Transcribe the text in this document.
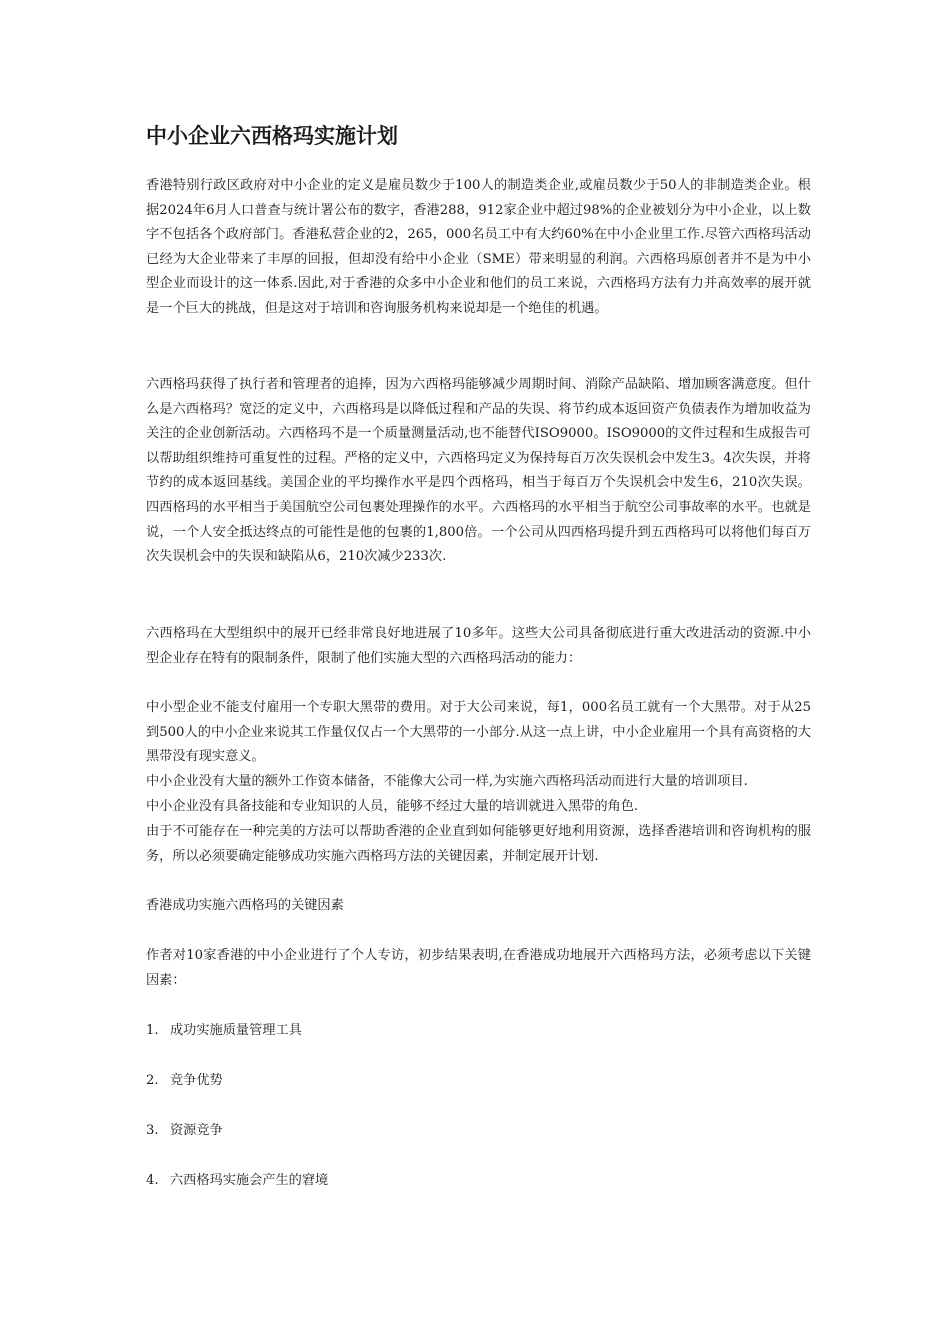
中小企业六西格玛实施计划

香港特别行政区政府对中小企业的定义是雇员数少于100人的制造类企业,或雇员数少于50人的非制造类企业。根据2024年6月人口普查与统计署公布的数字，香港288，912家企业中超过98%的企业被划分为中小企业，以上数字不包括各个政府部门。香港私营企业的2，265，000名员工中有大约60%在中小企业里工作.尽管六西格玛活动已经为大企业带来了丰厚的回报，但却没有给中小企业（SME）带来明显的利润。六西格玛原创者并不是为中小型企业而设计的这一体系.因此,对于香港的众多中小企业和他们的员工来说，六西格玛方法有力并高效率的展开就是一个巨大的挑战，但是这对于培训和咨询服务机构来说却是一个绝佳的机遇。

六西格玛获得了执行者和管理者的追捧，因为六西格玛能够减少周期时间、消除产品缺陷、增加顾客满意度。但什么是六西格玛？宽泛的定义中，六西格玛是以降低过程和产品的失误、将节约成本返回资产负债表作为增加收益为关注的企业创新活动。六西格玛不是一个质量测量活动,也不能替代ISO9000。ISO9000的文件过程和生成报告可以帮助组织维持可重复性的过程。严格的定义中，六西格玛定义为保持每百万次失误机会中发生3。4次失误，并将节约的成本返回基线。美国企业的平均操作水平是四个西格玛，相当于每百万个失误机会中发生6，210次失误。四西格玛的水平相当于美国航空公司包裹处理操作的水平。六西格玛的水平相当于航空公司事故率的水平。也就是说，一个人安全抵达终点的可能性是他的包裹的1,800倍。一个公司从四西格玛提升到五西格玛可以将他们每百万次失误机会中的失误和缺陷从6，210次减少233次.

六西格玛在大型组织中的展开已经非常良好地进展了10多年。这些大公司具备彻底进行重大改进活动的资源.中小型企业存在特有的限制条件，限制了他们实施大型的六西格玛活动的能力：

中小型企业不能支付雇用一个专职大黑带的费用。对于大公司来说，每1，000名员工就有一个大黑带。对于从25到500人的中小企业来说其工作量仅仅占一个大黑带的一小部分.从这一点上讲，中小企业雇用一个具有高资格的大黑带没有现实意义。

中小企业没有大量的额外工作资本储备，不能像大公司一样,为实施六西格玛活动而进行大量的培训项目.

中小企业没有具备技能和专业知识的人员，能够不经过大量的培训就进入黑带的角色.

由于不可能存在一种完美的方法可以帮助香港的企业直到如何能够更好地利用资源，选择香港培训和咨询机构的服务，所以必须要确定能够成功实施六西格玛方法的关键因素，并制定展开计划.

香港成功实施六西格玛的关键因素

作者对10家香港的中小企业进行了个人专访，初步结果表明,在香港成功地展开六西格玛方法，必须考虑以下关键因素：

1. 成功实施质量管理工具

2. 竞争优势

3. 资源竞争

4. 六西格玛实施会产生的窘境
